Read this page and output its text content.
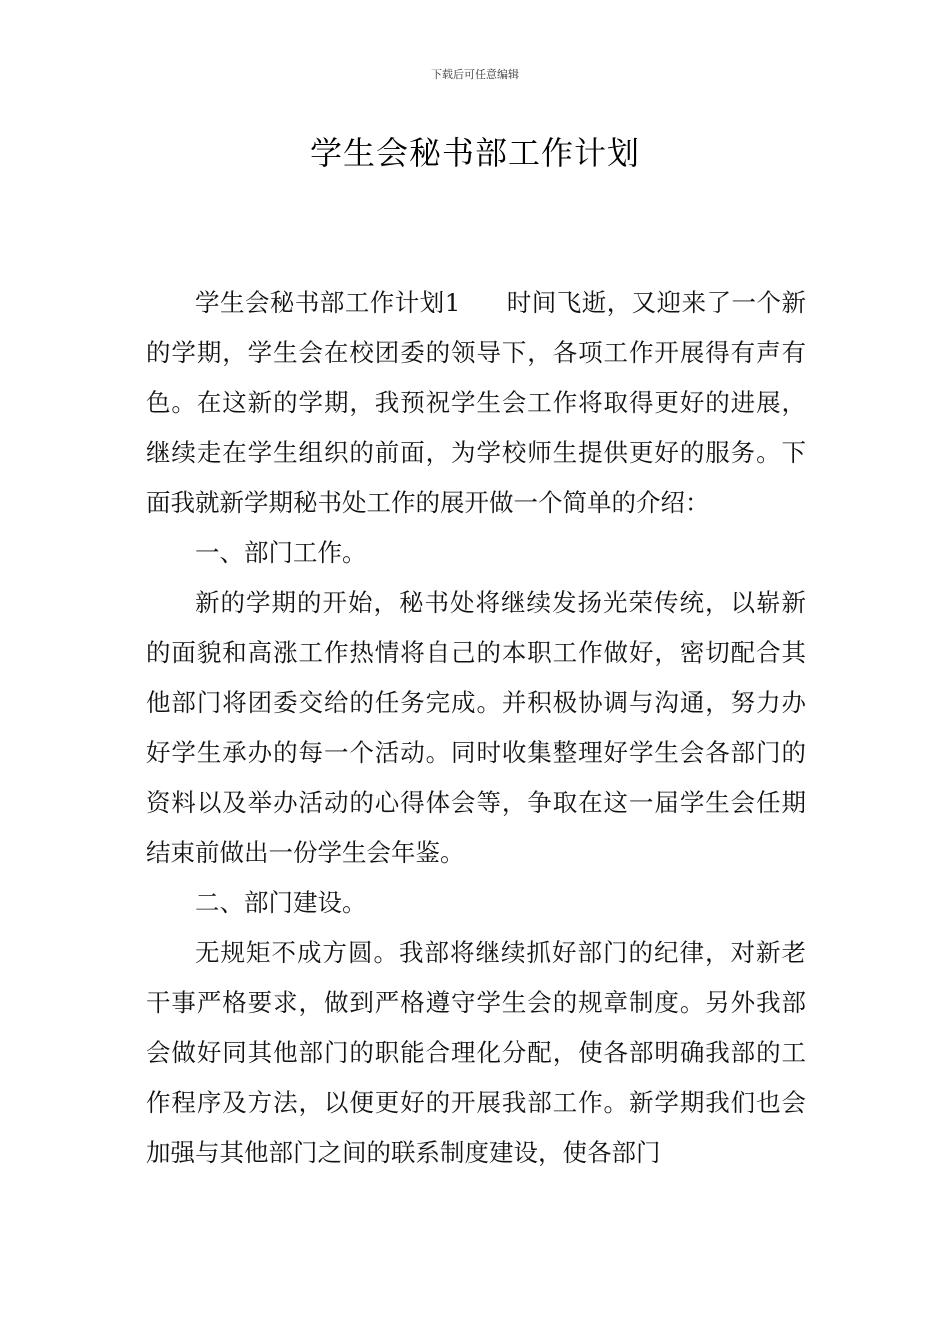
下载后可任意编辑
学生会秘书部工作计划

学生会秘书部工作计划1 时间飞逝，又迎来了一个新的学期，学生会在校团委的领导下，各项工作开展得有声有色。在这新的学期，我预祝学生会工作将取得更好的进展，继续走在学生组织的前面，为学校师生提供更好的服务。下面我就新学期秘书处工作的展开做一个简单的介绍：

一、部门工作。

新的学期的开始，秘书处将继续发扬光荣传统，以崭新的面貌和高涨工作热情将自己的本职工作做好，密切配合其他部门将团委交给的任务完成。并积极协调与沟通，努力办好学生承办的每一个活动。同时收集整理好学生会各部门的资料以及举办活动的心得体会等，争取在这一届学生会任期结束前做出一份学生会年鉴。

二、部门建设。

无规矩不成方圆。我部将继续抓好部门的纪律，对新老干事严格要求，做到严格遵守学生会的规章制度。另外我部会做好同其他部门的职能合理化分配，使各部明确我部的工作程序及方法，以便更好的开展我部工作。新学期我们也会加强与其他部门之间的联系制度建设，使各部门
